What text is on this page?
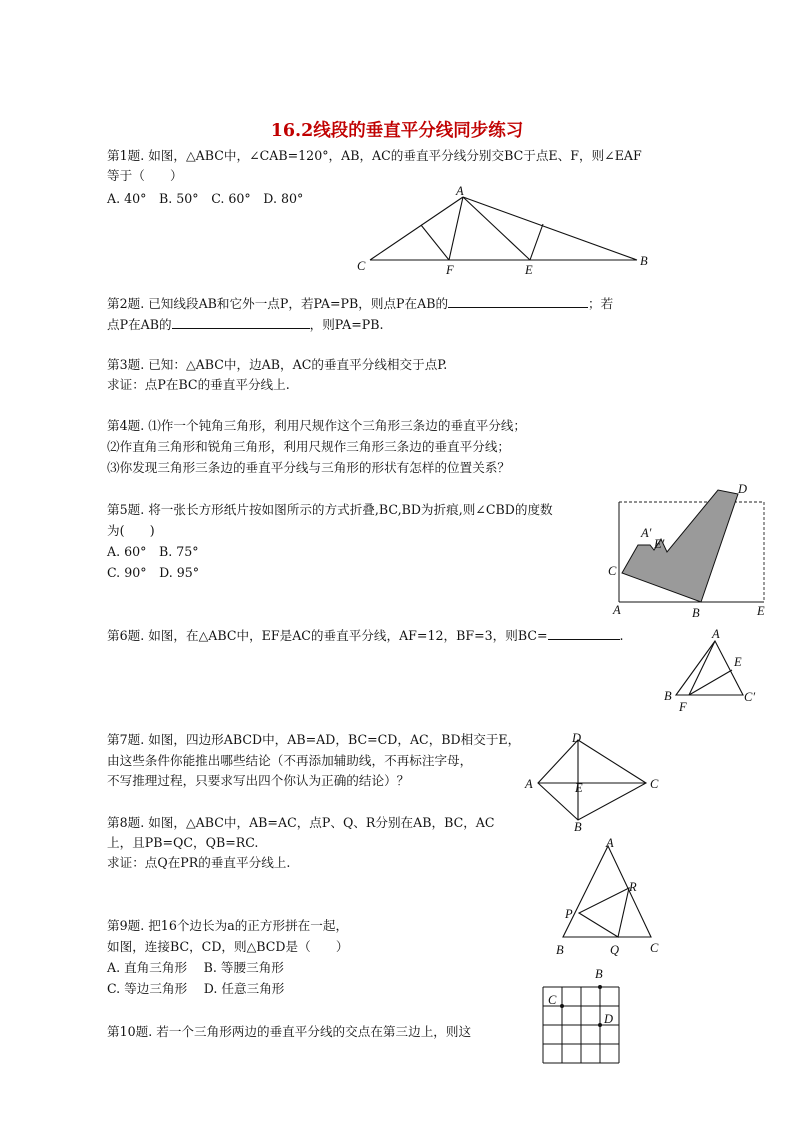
16.2线段的垂直平分线同步练习
第1题. 如图，△ABC中，∠CAB=120°，AB，AC的垂直平分线分别交BC于点E、F，则∠EAF
等于（　　）
A. 40°　B. 50°　C. 60°　D. 80°	A
B
C	E
F
第2题. 已知线段AB和它外一点P，若PA=PB，则点P在AB的	；若
点P在AB的	，则PA=PB.
第3题. 已知：△ABC中，边AB，AC的垂直平分线相交于点P.
求证：点P在BC的垂直平分线上.
第4题. ⑴作一个钝角三角形，利用尺规作这个三角形三条边的垂直平分线；
⑵作直角三角形和锐角三角形，利用尺规作三角形三条边的垂直平分线；
⑶你发现三角形三条边的垂直平分线与三角形的形状有怎样的位置关系？
第5题. 将一张长方形纸片按如图所示的方式折叠,BC,BD为折痕,则∠CBD的度数
为(　　)
A. 60°　B. 75°
C. 90°　D. 95°
D
A′
E′
C
A	B	E
第6题. 如图，在△ABC中，EF是AC的垂直平分线，AF=12，BF=3，则BC=	.	A
E
B
F
C′
第7题. 如图，四边形ABCD中，AB=AD，BC=CD，AC，BD相交于E，
由这些条件你能推出哪些结论（不再添加辅助线，不再标注字母，
不写推理过程，只要求写出四个你认为正确的结论）？
D
A	C
E
B
第8题. 如图，△ABC中，AB=AC，点P、Q、R分别在AB，BC，AC
上，且PB=QC，QB=RC.
求证：点Q在PR的垂直平分线上.
A
R
P
B	Q C
第9题. 把16个边长为a的正方形拼在一起，
如图，连接BC，CD，则△BCD是（　　）
A. 直角三角形　 B. 等腰三角形
C. 等边三角形　 D. 任意三角形
B
C
D
第10题. 若一个三角形两边的垂直平分线的交点在第三边上，则这
